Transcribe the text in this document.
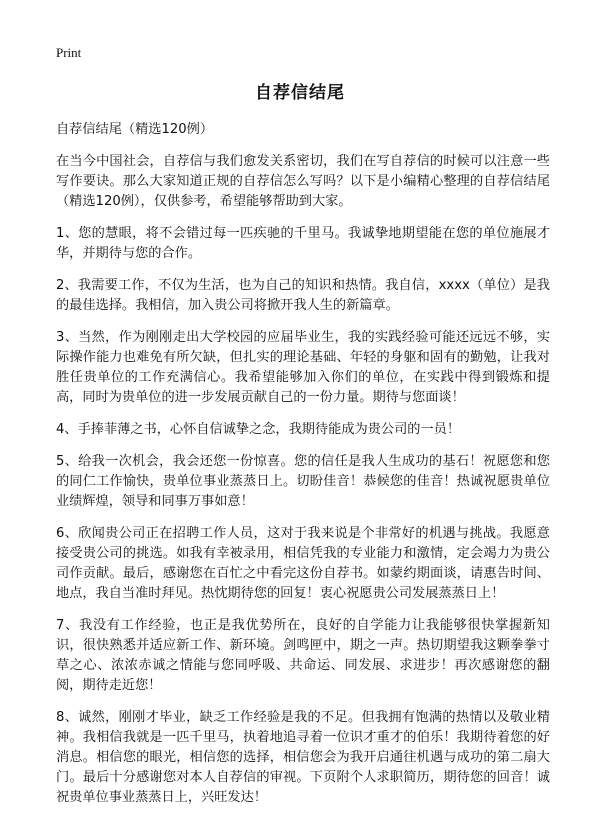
Print
自荐信结尾

自荐信结尾（精选120例）

在当今中国社会，自荐信与我们愈发关系密切，我们在写自荐信的时候可以注意一些写作要诀。那么大家知道正规的自荐信怎么写吗？以下是小编精心整理的自荐信结尾（精选120例），仅供参考，希望能够帮助到大家。

1、您的慧眼，将不会错过每一匹疾驰的千里马。我诚挚地期望能在您的单位施展才华，并期待与您的合作。

2、我需要工作，不仅为生活，也为自己的知识和热情。我自信，xxxx（单位）是我的最佳选择。我相信，加入贵公司将掀开我人生的新篇章。

3、当然，作为刚刚走出大学校园的应届毕业生，我的实践经验可能还远远不够，实际操作能力也难免有所欠缺，但扎实的理论基础、年轻的身躯和固有的勤勉，让我对胜任贵单位的工作充满信心。我希望能够加入你们的单位，在实践中得到锻炼和提高，同时为贵单位的进一步发展贡献自己的一份力量。期待与您面谈！

4、手捧菲薄之书，心怀自信诚挚之念，我期待能成为贵公司的一员！

5、给我一次机会，我会还您一份惊喜。您的信任是我人生成功的基石！祝愿您和您的同仁工作愉快，贵单位事业蒸蒸日上。切盼佳音！恭候您的佳音！热诚祝愿贵单位业绩辉煌，领导和同事万事如意！

6、欣闻贵公司正在招聘工作人员，这对于我来说是个非常好的机遇与挑战。我愿意接受贵公司的挑选。如我有幸被录用，相信凭我的专业能力和激情，定会竭力为贵公司作贡献。最后，感谢您在百忙之中看完这份自荐书。如蒙约期面谈，请惠告时间、地点，我自当准时拜见。热忱期待您的回复！衷心祝愿贵公司发展蒸蒸日上！

7、我没有工作经验，也正是我优势所在，良好的自学能力让我能够很快掌握新知识，很快熟悉并适应新工作、新环境。剑鸣匣中，期之一声。热切期望我这颗拳拳寸草之心、浓浓赤诚之情能与您同呼吸、共命运、同发展、求进步！再次感谢您的翻阅，期待走近您！

8、诚然，刚刚才毕业，缺乏工作经验是我的不足。但我拥有饱满的热情以及敬业精神。我相信我就是一匹千里马，执着地追寻着一位识才重才的伯乐！我期待着您的好消息。相信您的眼光，相信您的选择，相信您会为我开启通往机遇与成功的第二扇大门。最后十分感谢您对本人自荐信的审视。下页附个人求职简历，期待您的回音！诚祝贵单位事业蒸蒸日上，兴旺发达！
